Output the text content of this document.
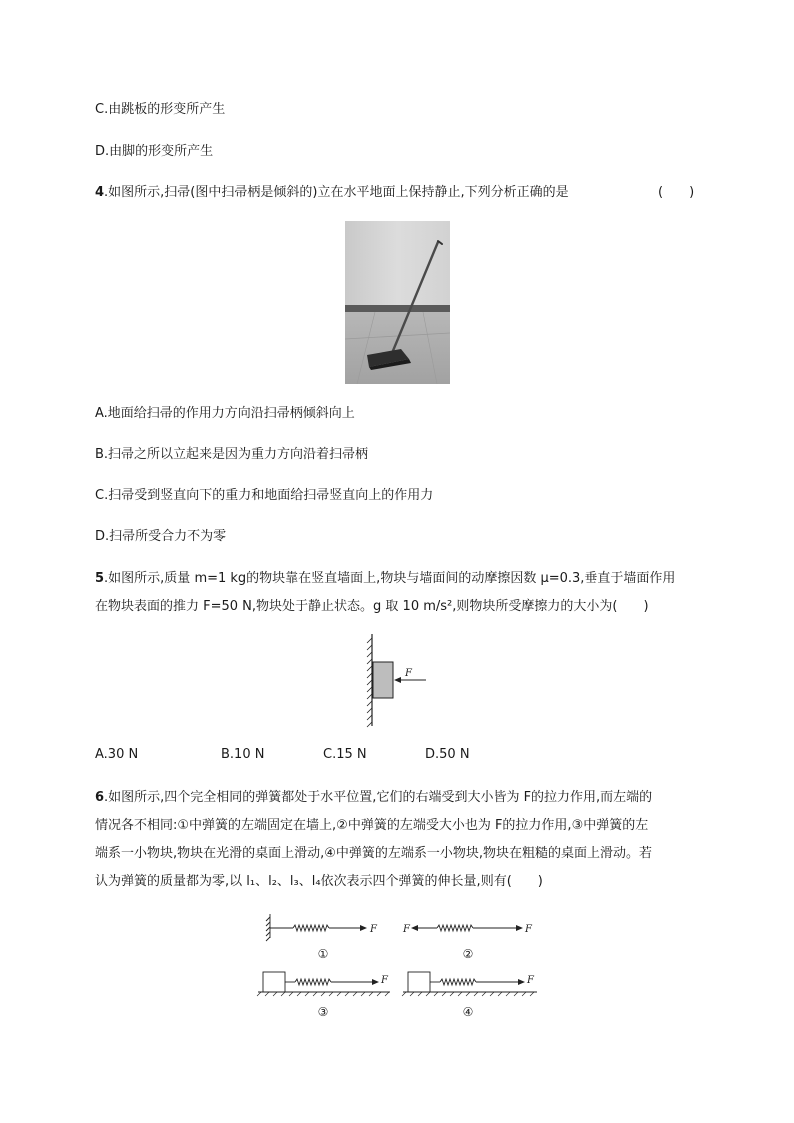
C.由跳板的形变所产生
D.由脚的形变所产生
4.如图所示,扫帚(图中扫帚柄是倾斜的)立在水平地面上保持静止,下列分析正确的是	(　　)
A.地面给扫帚的作用力方向沿扫帚柄倾斜向上
B.扫帚之所以立起来是因为重力方向沿着扫帚柄
C.扫帚受到竖直向下的重力和地面给扫帚竖直向上的作用力
D.扫帚所受合力不为零
5.如图所示,质量 m=1 kg的物块靠在竖直墙面上,物块与墙面间的动摩擦因数 μ=0.3,垂直于墙面作用
在物块表面的推力 F=50 N,物块处于静止状态。g 取 10 m/s²,则物块所受摩擦力的大小为(　　)
F
A.30 N	B.10 N	C.15 N	D.50 N
6.如图所示,四个完全相同的弹簧都处于水平位置,它们的右端受到大小皆为 F的拉力作用,而左端的
情况各不相同:①中弹簧的左端固定在墙上,②中弹簧的左端受大小也为 F的拉力作用,③中弹簧的左
端系一小物块,物块在光滑的桌面上滑动,④中弹簧的左端系一小物块,物块在粗糙的桌面上滑动。若
认为弹簧的质量都为零,以 l₁、l₂、l₃、l₄依次表示四个弹簧的伸长量,则有(　　)
F	F	F
F	F
①	②
③	④
